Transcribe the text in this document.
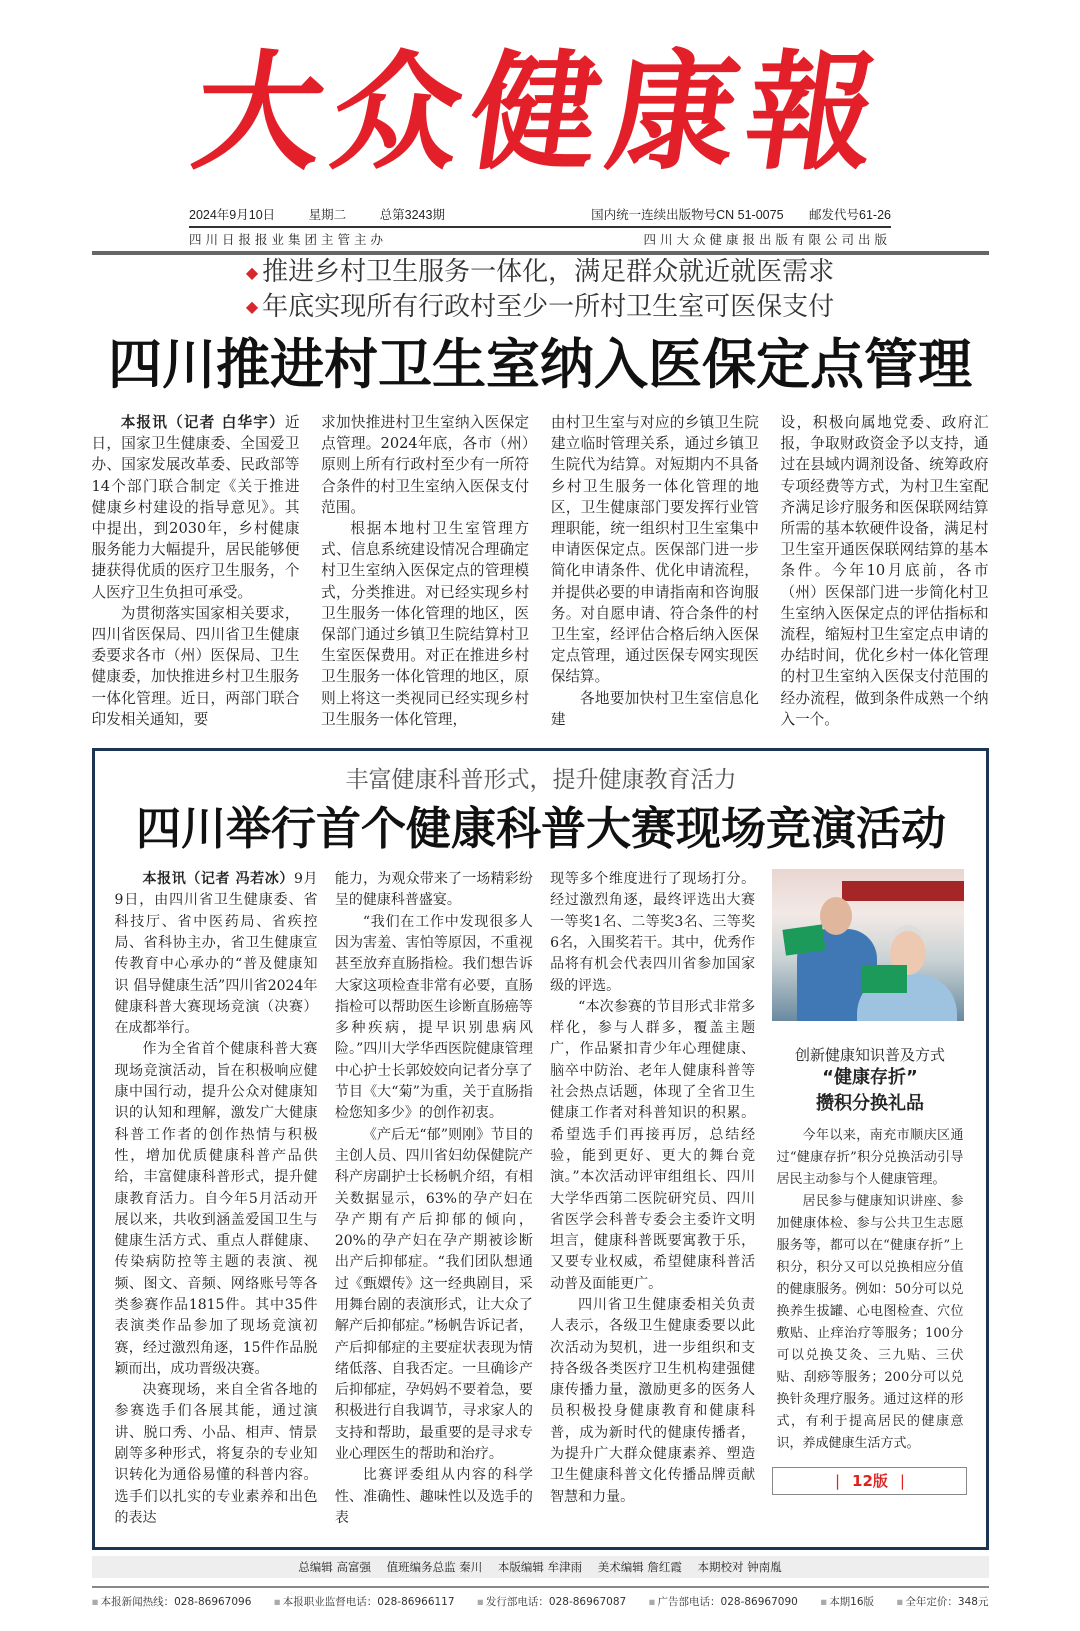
大众健康報
2024年9月10日	星期二	总第3243期	国内统一连续出版物号CN 51-0075 邮发代号61-26
四川日报报业集团主管主办	四川大众健康报出版有限公司出版
◆ 推进乡村卫生服务一体化，满足群众就近就医需求
◆ 年底实现所有行政村至少一所村卫生室可医保支付
四川推进村卫生室纳入医保定点管理

本报讯（记者 白华宇）近日，国家卫生健康委、全国爱卫办、国家发展改革委、民政部等14个部门联合制定《关于推进健康乡村建设的指导意见》。其中提出，到2030年，乡村健康服务能力大幅提升，居民能够便捷获得优质的医疗卫生服务，个人医疗卫生负担可承受。

为贯彻落实国家相关要求，四川省医保局、四川省卫生健康委要求各市（州）医保局、卫生健康委，加快推进乡村卫生服务一体化管理。近日，两部门联合印发相关通知，要

求加快推进村卫生室纳入医保定点管理。2024年底，各市（州）原则上所有行政村至少有一所符合条件的村卫生室纳入医保支付范围。

根据本地村卫生室管理方式、信息系统建设情况合理确定村卫生室纳入医保定点的管理模式，分类推进。对已经实现乡村卫生服务一体化管理的地区，医保部门通过乡镇卫生院结算村卫生室医保费用。对正在推进乡村卫生服务一体化管理的地区，原则上将这一类视同已经实现乡村卫生服务一体化管理，

由村卫生室与对应的乡镇卫生院建立临时管理关系，通过乡镇卫生院代为结算。对短期内不具备乡村卫生服务一体化管理的地区，卫生健康部门要发挥行业管理职能，统一组织村卫生室集中申请医保定点。医保部门进一步简化申请条件、优化申请流程，并提供必要的申请指南和咨询服务。对自愿申请、符合条件的村卫生室，经评估合格后纳入医保定点管理，通过医保专网实现医保结算。

各地要加快村卫生室信息化建

设，积极向属地党委、政府汇报，争取财政资金予以支持，通过在县域内调剂设备、统筹政府专项经费等方式，为村卫生室配齐满足诊疗服务和医保联网结算所需的基本软硬件设备，满足村卫生室开通医保联网结算的基本条件。今年10月底前，各市（州）医保部门进一步简化村卫生室纳入医保定点的评估指标和流程，缩短村卫生室定点申请的办结时间，优化乡村一体化管理的村卫生室纳入医保支付范围的经办流程，做到条件成熟一个纳入一个。

丰富健康科普形式，提升健康教育活力
四川举行首个健康科普大赛现场竞演活动

本报讯（记者 冯若冰）9月9日，由四川省卫生健康委、省科技厅、省中医药局、省疾控局、省科协主办，省卫生健康宣传教育中心承办的“普及健康知识 倡导健康生活”四川省2024年健康科普大赛现场竞演（决赛）在成都举行。

作为全省首个健康科普大赛现场竞演活动，旨在积极响应健康中国行动，提升公众对健康知识的认知和理解，激发广大健康科普工作者的创作热情与积极性，增加优质健康科普产品供给，丰富健康科普形式，提升健康教育活力。自今年5月活动开展以来，共收到涵盖爱国卫生与健康生活方式、重点人群健康、传染病防控等主题的表演、视频、图文、音频、网络账号等各类参赛作品1815件。其中35件表演类作品参加了现场竞演初赛，经过激烈角逐，15件作品脱颖而出，成功晋级决赛。

决赛现场，来自全省各地的参赛选手们各展其能，通过演讲、脱口秀、小品、相声、情景剧等多种形式，将复杂的专业知识转化为通俗易懂的科普内容。选手们以扎实的专业素养和出色的表达

能力，为观众带来了一场精彩纷呈的健康科普盛宴。

“我们在工作中发现很多人因为害羞、害怕等原因，不重视甚至放弃直肠指检。我们想告诉大家这项检查非常有必要，直肠指检可以帮助医生诊断直肠癌等多种疾病，提早识别患病风险。”四川大学华西医院健康管理中心护士长郭姣姣向记者分享了节目《大“菊”为重，关于直肠指检您知多少》的创作初衷。

《产后无“郁”则刚》节目的主创人员、四川省妇幼保健院产科产房副护士长杨帆介绍，有相关数据显示，63%的孕产妇在孕产期有产后抑郁的倾向，20%的孕产妇在孕产期被诊断出产后抑郁症。“我们团队想通过《甄嬛传》这一经典剧目，采用舞台剧的表演形式，让大众了解产后抑郁症。”杨帆告诉记者，产后抑郁症的主要症状表现为情绪低落、自我否定。一旦确诊产后抑郁症，孕妈妈不要着急，要积极进行自我调节，寻求家人的支持和帮助，最重要的是寻求专业心理医生的帮助和治疗。

比赛评委组从内容的科学性、准确性、趣味性以及选手的表

现等多个维度进行了现场打分。经过激烈角逐，最终评选出大赛一等奖1名、二等奖3名、三等奖6名，入围奖若干。其中，优秀作品将有机会代表四川省参加国家级的评选。

“本次参赛的节目形式非常多样化，参与人群多，覆盖主题广，作品紧扣青少年心理健康、脑卒中防治、老年人健康科普等社会热点话题，体现了全省卫生健康工作者对科普知识的积累。希望选手们再接再厉，总结经验，能到更好、更大的舞台竞演。”本次活动评审组组长、四川大学华西第二医院研究员、四川省医学会科普专委会主委许文明坦言，健康科普既要寓教于乐，又要专业权威，希望健康科普活动普及面能更广。

四川省卫生健康委相关负责人表示，各级卫生健康委要以此次活动为契机，进一步组织和支持各级各类医疗卫生机构建强健康传播力量，激励更多的医务人员积极投身健康教育和健康科普，成为新时代的健康传播者，为提升广大群众健康素养、塑造卫生健康科普文化传播品牌贡献智慧和力量。

创新健康知识普及方式
“健康存折”
攒积分换礼品

今年以来，南充市顺庆区通过“健康存折”积分兑换活动引导居民主动参与个人健康管理。

居民参与健康知识讲座、参加健康体检、参与公共卫生志愿服务等，都可以在“健康存折”上积分，积分又可以兑换相应分值的健康服务。例如：50分可以兑换养生拔罐、心电图检查、穴位敷贴、止痒治疗等服务；100分可以兑换艾灸、三九贴、三伏贴、刮痧等服务；200分可以兑换针灸理疗服务。通过这样的形式，有利于提高居民的健康意识，养成健康生活方式。

| 12版 |
总编辑 高富强 值班编务总监 秦川 本版编辑 牟津雨 美术编辑 詹红霞 本期校对 钟南胤
▪ 本报新闻热线：028-86967096 ▪ 本报职业监督电话：028-86966117 ▪ 发行部电话：028-86967087 ▪ 广告部电话：028-86967090 ▪ 本期16版 ▪ 全年定价：348元
